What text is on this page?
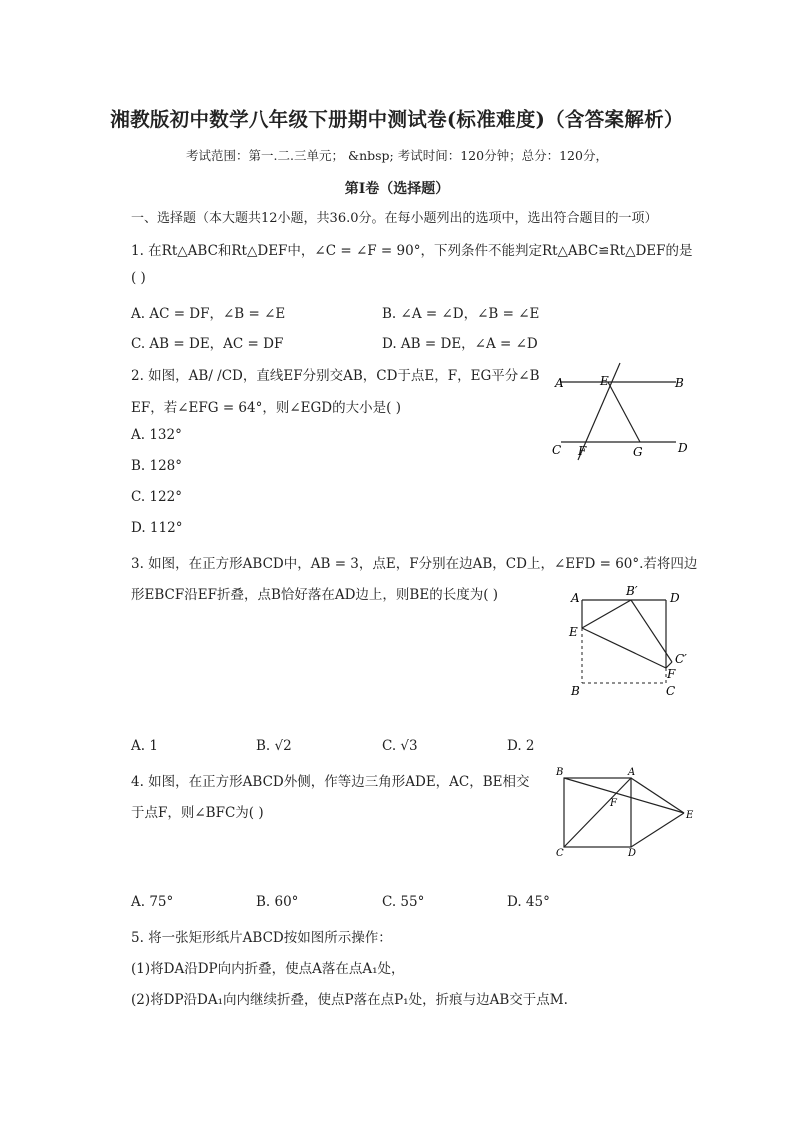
湘教版初中数学八年级下册期中测试卷(标准难度)（含答案解析）
考试范围：第一.二.三单元； &nbsp; 考试时间：120分钟；总分：120分，
第I卷（选择题）
一、选择题（本大题共12小题，共36.0分。在每小题列出的选项中，选出符合题目的一项）
1. 在Rt△ABC和Rt△DEF中，∠C = ∠F = 90°，下列条件不能判定Rt△ABC≌Rt△DEF的是
( )
A. AC = DF，∠B = ∠E	B. ∠A = ∠D，∠B = ∠E
C. AB = DE，AC = DF	D. AB = DE，∠A = ∠D
2. 如图，AB/ /CD，直线EF分别交AB，CD于点E，F，EG平分∠B
EF，若∠EFG = 64°，则∠EGD的大小是( )
A. 132°
B. 128°
C. 122°
D. 112°
A	E	B
C F	G	D
3. 如图，在正方形ABCD中，AB = 3，点E，F分别在边AB，CD上，∠EFD = 60°.若将四边
形EBCF沿EF折叠，点B恰好落在AD边上，则BE的长度为( )	A	B′	D
E
C′
F
B	C
A. 1	B. √2	C. √3	D. 2
4. 如图，在正方形ABCD外侧，作等边三角形ADE，AC，BE相交
于点F，则∠BFC为( )
B	A
F
E
C	D
A. 75°	B. 60°	C. 55°	D. 45°
5. 将一张矩形纸片ABCD按如图所示操作：
(1)将DA沿DP向内折叠，使点A落在点A₁处，
(2)将DP沿DA₁向内继续折叠，使点P落在点P₁处，折痕与边AB交于点M.
